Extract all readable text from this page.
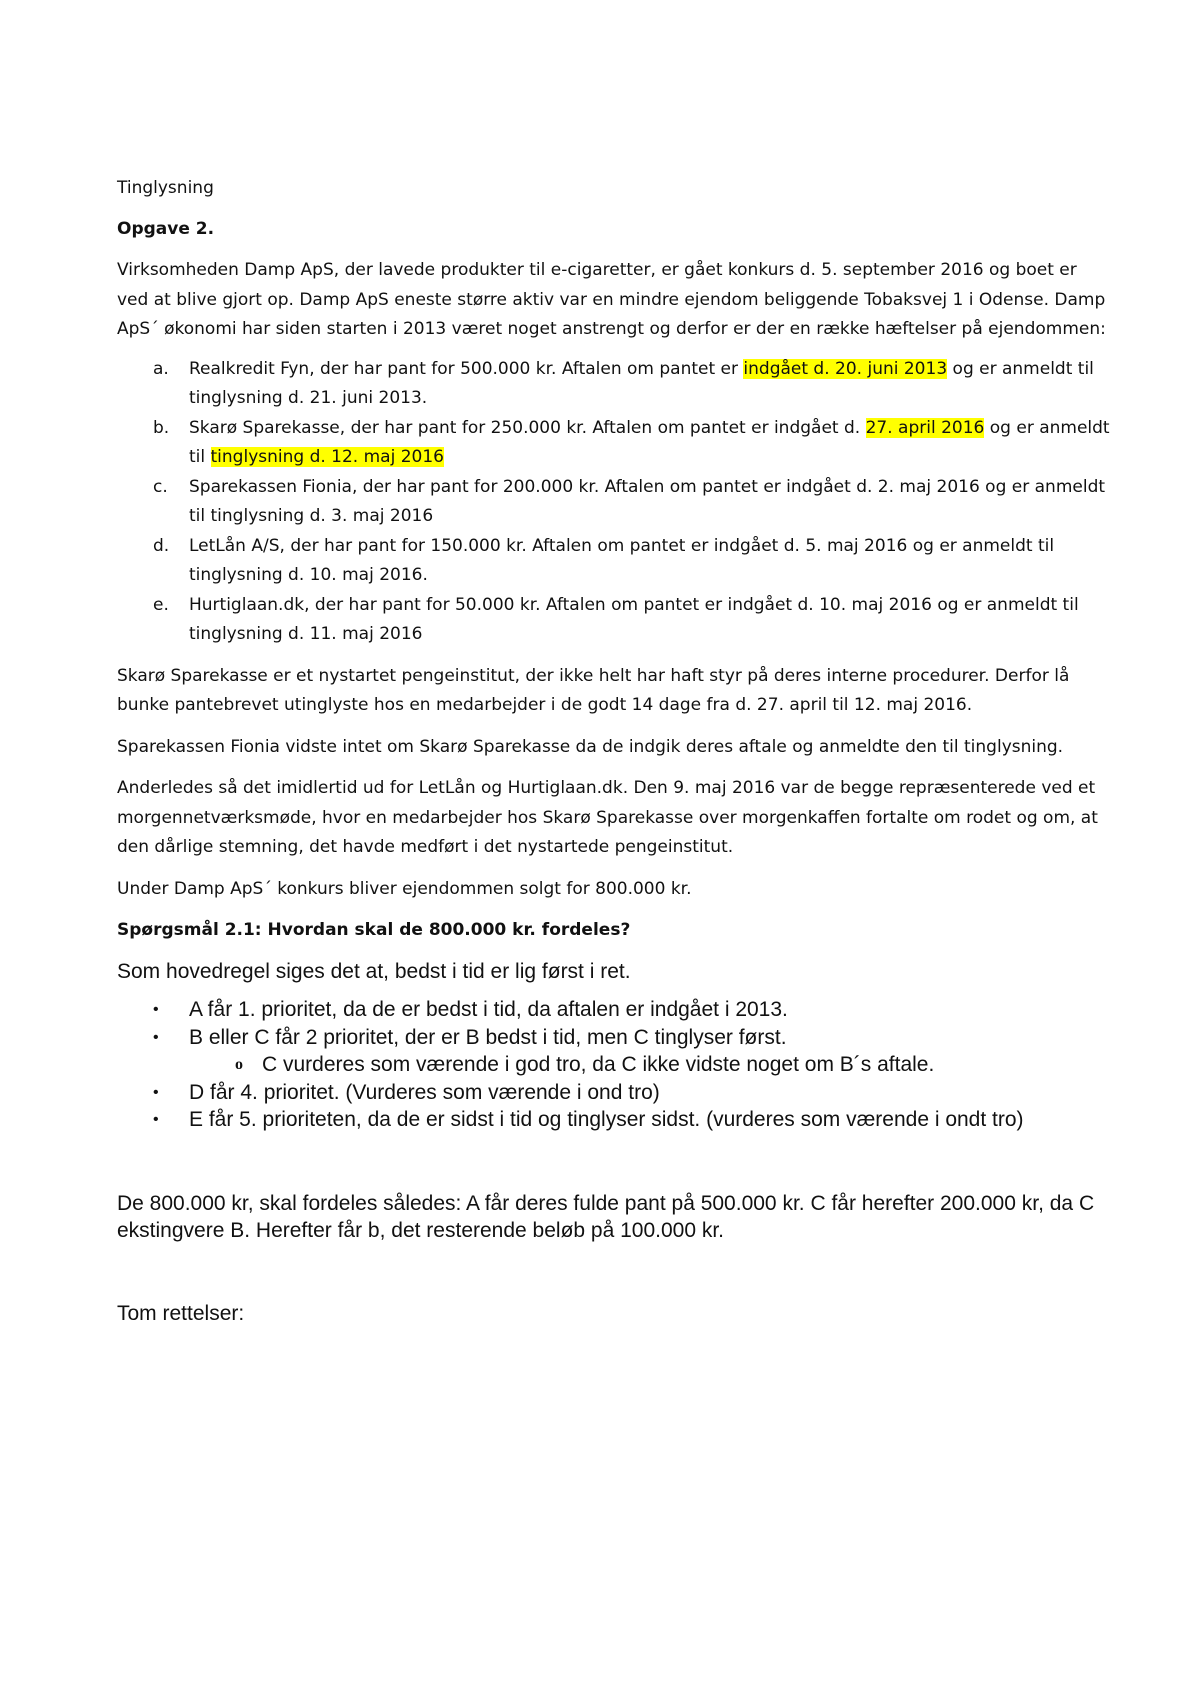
Tinglysning

Opgave 2.

Virksomheden Damp ApS, der lavede produkter til e-cigaretter, er gået konkurs d. 5. september 2016 og boet er ved at blive gjort op. Damp ApS eneste større aktiv var en mindre ejendom beliggende Tobaksvej 1 i Odense. Damp ApS´ økonomi har siden starten i 2013 været noget anstrengt og derfor er der en række hæftelser på ejendommen:

a. Realkredit Fyn, der har pant for 500.000 kr. Aftalen om pantet er indgået d. 20. juni 2013 og er anmeldt til tinglysning d. 21. juni 2013.
b. Skarø Sparekasse, der har pant for 250.000 kr. Aftalen om pantet er indgået d. 27. april 2016 og er anmeldt til tinglysning d. 12. maj 2016
c. Sparekassen Fionia, der har pant for 200.000 kr. Aftalen om pantet er indgået d. 2. maj 2016 og er anmeldt til tinglysning d. 3. maj 2016
d. LetLån A/S, der har pant for 150.000 kr. Aftalen om pantet er indgået d. 5. maj 2016 og er anmeldt til tinglysning d. 10. maj 2016.
e. Hurtiglaan.dk, der har pant for 50.000 kr. Aftalen om pantet er indgået d. 10. maj 2016 og er anmeldt til tinglysning d. 11. maj 2016

Skarø Sparekasse er et nystartet pengeinstitut, der ikke helt har haft styr på deres interne procedurer. Derfor lå bunke pantebrevet utinglyste hos en medarbejder i de godt 14 dage fra d. 27. april til 12. maj 2016.

Sparekassen Fionia vidste intet om Skarø Sparekasse da de indgik deres aftale og anmeldte den til tinglysning.

Anderledes så det imidlertid ud for LetLån og Hurtiglaan.dk. Den 9. maj 2016 var de begge repræsenterede ved et morgennetværksmøde, hvor en medarbejder hos Skarø Sparekasse over morgenkaffen fortalte om rodet og om, at den dårlige stemning, det havde medført i det nystartede pengeinstitut.

Under Damp ApS´ konkurs bliver ejendommen solgt for 800.000 kr.

Spørgsmål 2.1: Hvordan skal de 800.000 kr. fordeles?

Som hovedregel siges det at, bedst i tid er lig først i ret.

• A får 1. prioritet, da de er bedst i tid, da aftalen er indgået i 2013.
• B eller C får 2 prioritet, der er B bedst i tid, men C tinglyser først.
o C vurderes som værende i god tro, da C ikke vidste noget om B´s aftale.
• D får 4. prioritet. (Vurderes som værende i ond tro)
• E får 5. prioriteten, da de er sidst i tid og tinglyser sidst. (vurderes som værende i ondt tro)

De 800.000 kr, skal fordeles således: A får deres fulde pant på 500.000 kr. C får herefter 200.000 kr, da C ekstingvere B. Herefter får b, det resterende beløb på 100.000 kr.

Tom rettelser:
